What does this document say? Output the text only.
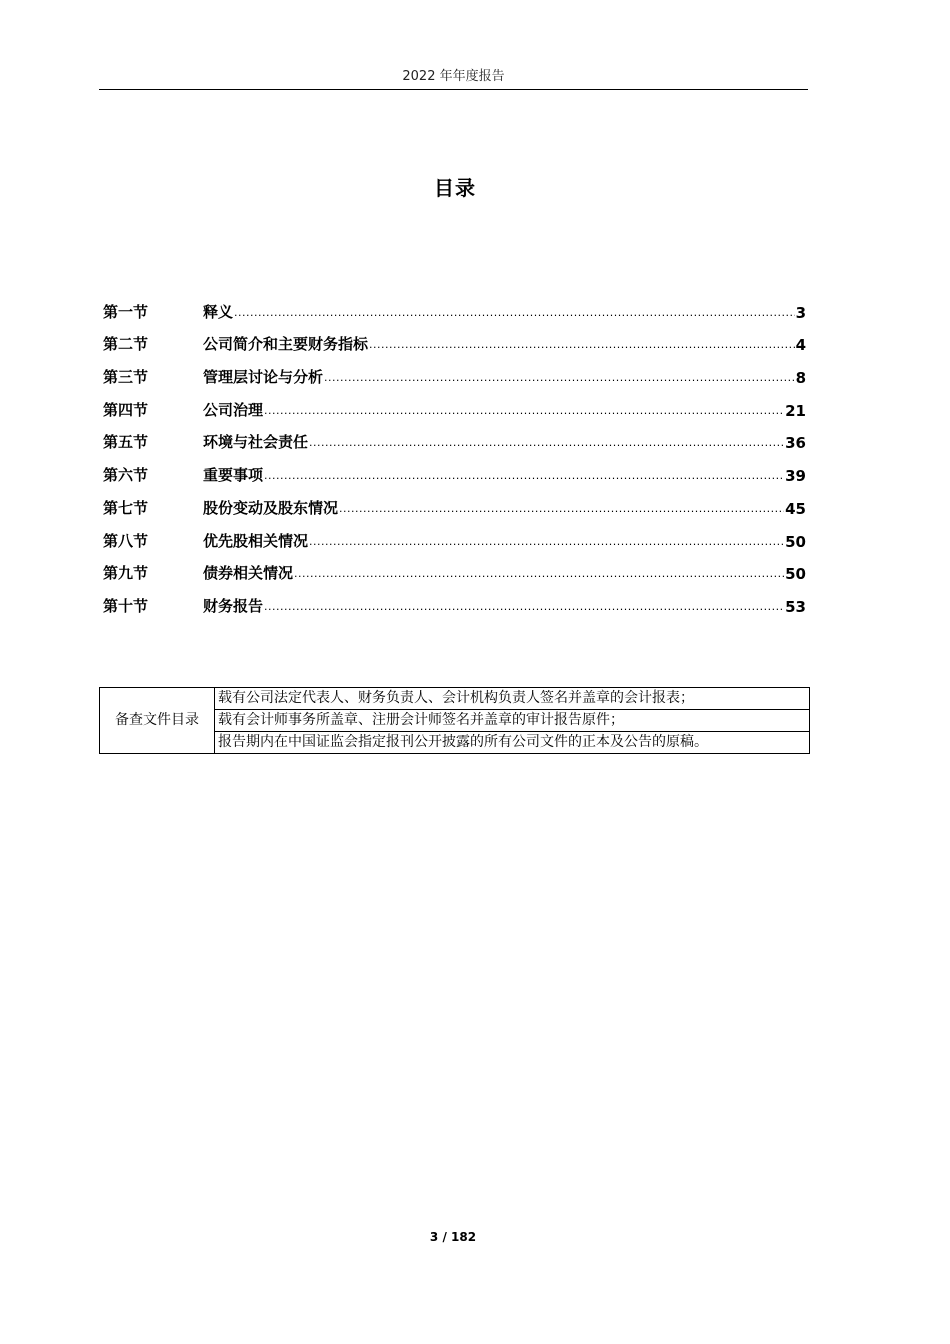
2022 年年度报告
目录
第一节	释义 .....	3
第二节	公司简介和主要财务指标 .....	4
第三节	管理层讨论与分析 .....	8
第四节	公司治理 .....	21
第五节	环境与社会责任 .....	36
第六节	重要事项 .....	39
第七节	股份变动及股东情况 .....	45
第八节	优先股相关情况 .....	50
第九节	债券相关情况 .....	50
第十节	财务报告 .....	53
备查文件目录	载有公司法定代表人、财务负责人、会计机构负责人签名并盖章的会计报表；
载有会计师事务所盖章、注册会计师签名并盖章的审计报告原件；
报告期内在中国证监会指定报刊公开披露的所有公司文件的正本及公告的原稿。
3 / 182
